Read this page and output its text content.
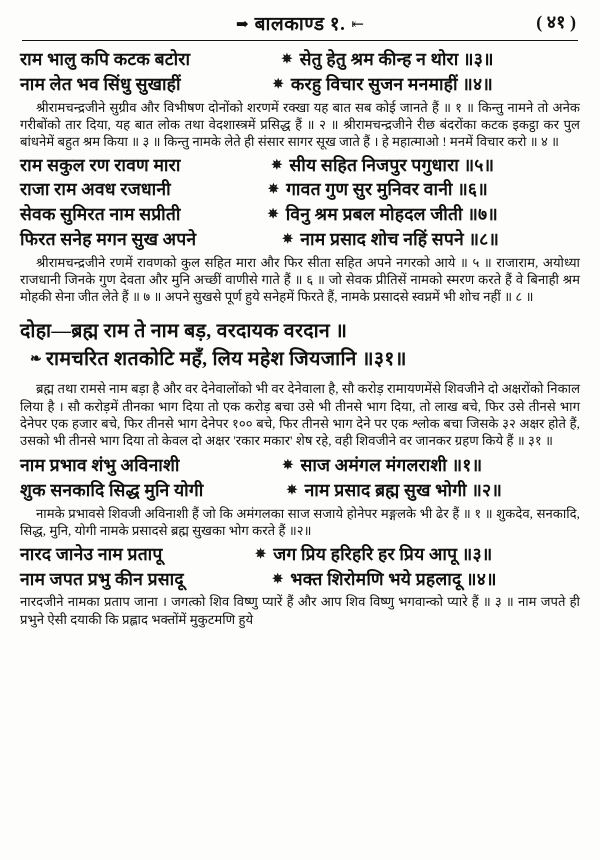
➡ बालकाण्ड १. ⇤	( ४१ )
राम भालु कपि कटक बटोरा	✵ सेतु हेतु श्रम कीन्ह न थोरा ॥३॥
नाम लेत भव सिंधु सुखाहीं	✵ करहु विचार सुजन मनमाहीं ॥४॥
श्रीरामचन्द्रजीने सुग्रीव और विभीषण दोनोंको शरणमें रक्खा यह बात सब कोई जानते हैं ॥ १ ॥ किन्तु नामने तो अनेक गरीबोंको तार दिया, यह बात लोक तथा वेदशास्त्रमें प्रसिद्ध हैं ॥ २ ॥ श्रीरामचन्द्रजीने रीछ बंदरोंका कटक इकट्ठा कर पुल बांधनेमें बहुत श्रम किया ॥ ३ ॥ किन्तु नामके लेते ही संसार सागर सूख जाते हैं । हे महात्माओ ! मनमें विचार करो ॥ ४ ॥
राम सकुल रण रावण मारा	✵ सीय सहित निजपुर पगुधारा ॥५॥
राजा राम अवध रजधानी	✵ गावत गुण सुर मुनिवर वानी ॥६॥
सेवक सुमिरत नाम सप्रीती	✵ विनु श्रम प्रबल मोहदल जीती ॥७॥
फिरत सनेह मगन सुख अपने	✵ नाम प्रसाद शोच नहिं सपने ॥८॥
श्रीरामचन्द्रजीने रणमें रावणको कुल सहित मारा और फिर सीता सहित अपने नगरको आये ॥ ५ ॥ राजाराम, अयोध्या राजधानी जिनके गुण देवता और मुनि अच्छीं वाणीसे गाते हैं ॥ ६ ॥ जो सेवक प्रीतिसें नामको स्मरण करते हैं वे बिनाही श्रम मोहकी सेना जीत लेते हैं ॥ ७ ॥ अपने सुखसे पूर्ण हुये सनेहमें फिरते हैं, नामके प्रसादसे स्वप्नमें भी शोच नहीं ॥ ८ ॥
दोहा—ब्रह्म राम ते नाम बड़, वरदायक वरदान ॥
❧ रामचरित शतकोटि महँ, लिय महेश जियजानि ॥३१॥
ब्रह्म तथा रामसे नाम बड़ा है और वर देनेवालोंको भी वर देनेवाला है, सौ करोड़ रामायणमेंसे शिवजीने दो अक्षरोंको निकाल लिया है । सौ करोड़में तीनका भाग दिया तो एक करोड़ बचा उसे भी तीनसे भाग दिया, तो लाख बचे, फिर उसे तीनसे भाग देनेपर एक हजार बचे, फिर तीनसे भाग देनेपर १०० बचे, फिर तीनसे भाग देने पर एक श्लोक बचा जिसके ३२ अक्षर होते हैं, उसको भी तीनसे भाग दिया तो केवल दो अक्षर 'रकार मकार' शेष रहे, वही शिवजीने वर जानकर ग्रहण किये हैं ॥ ३१ ॥
नाम प्रभाव शंभु अविनाशी	✵ साज अमंगल मंगलराशी ॥१॥
शुक सनकादि सिद्ध मुनि योगी	✵ नाम प्रसाद ब्रह्म सुख भोगी ॥२॥
नामके प्रभावसे शिवजी अविनाशी हैं जो कि अमंगलका साज सजाये होनेपर मङ्गलके भी ढेर हैं ॥ १ ॥ शुकदेव, सनकादि, सिद्ध, मुनि, योगी नामके प्रसादसे ब्रह्म सुखका भोग करते हैं ॥२॥
नारद जानेउ नाम प्रतापू	✵ जग प्रिय हरिहरि हर प्रिय आपू ॥३॥
नाम जपत प्रभु कीन प्रसादू	✵ भक्त शिरोमणि भये प्रहलादू ॥४॥
नारदजीने नामका प्रताप जाना । जगत्को शिव विष्णु प्यारें हैं और आप शिव विष्णु भगवान्को प्यारे हैं ॥ ३ ॥ नाम जपते ही प्रभुने ऐसी दयाकी कि प्रह्लाद भक्तोंमें मुकुटमणि हुये
